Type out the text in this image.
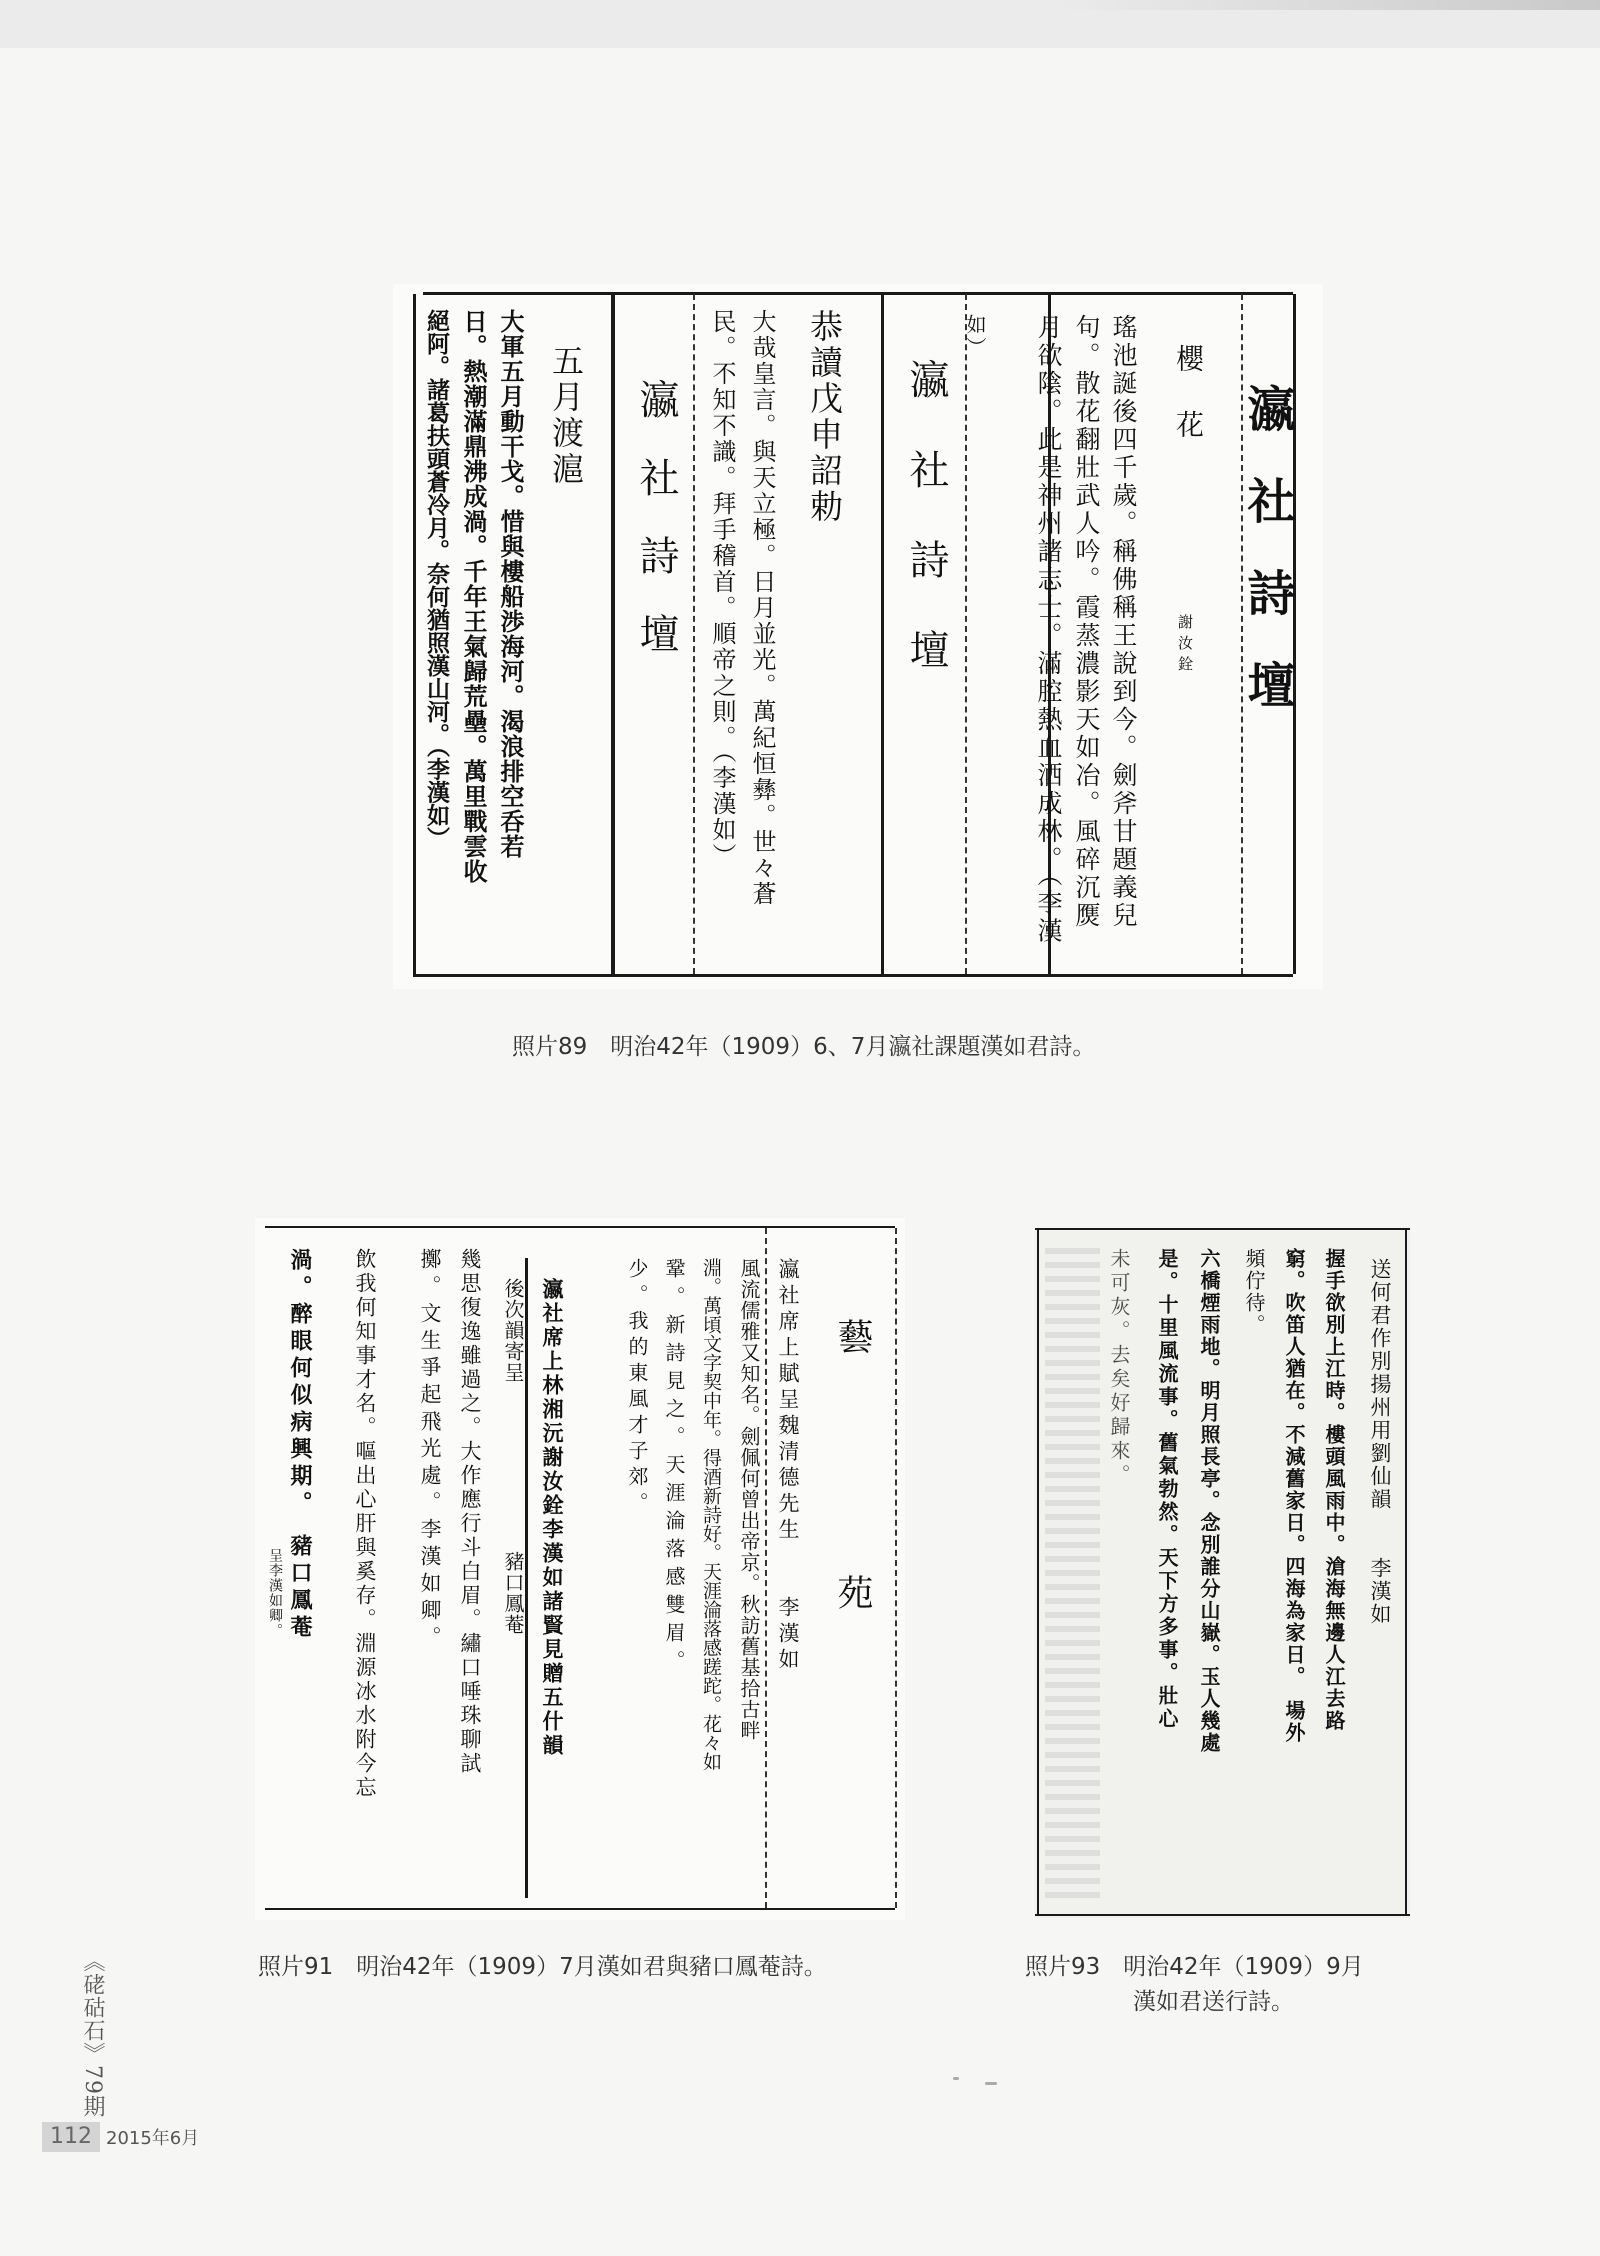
瀛社詩壇
櫻花
謝汝銓
瑤池誕後四千歲。稱佛稱王說到今。劍斧甘題義兒
句。散花翻壯武人吟。霞蒸濃影天如冶。風碎沉㷳
月欲陰。此是神州諸志士。滿腔熱血洒成林。（李漢
如）
瀛社詩壇
恭讀戊申詔勅
大哉皇言。與天立極。日月並光。萬紀恒彝。世々蒼
民。不知不識。拜手稽首。順帝之則。（李漢如）
瀛社詩壇
五月渡滬
大軍五月動干戈。惜與樓船渉海河。渴浪排空呑若
日。熱潮滿鼎沸成渦。千年王氣歸荒壘。萬里戰雲收
絕阿。諸葛扶頭蒼冷月。奈何猶照漢山河。（李漢如）
照片89　明治42年（1909）6、7月瀛社課題漢如君詩。
藝苑
瀛社席上賦呈魏清德先生　　李漢如
風流儒雅又知名。劍佩何曾出帝京。秋訪舊基拾古畔
淵。萬頃文字契中年。得酒新詩好。天涯淪落感蹉跎。花々如
鞏。新詩見之。天涯淪落感雙眉。
少。我的東風才子郊。
瀛社席上林湘沅謝汝銓李漢如諸賢見贈五什韻
後次韻寄呈　　　　　　　　豬口鳳菴
幾思復逸雖過之。大作應行斗白眉。繡口唾珠聊試
擲。文生爭起飛光處。李漢如卿。
飲我何知事才名。嘔出心肝與奚存。淵源冰水附今忘
渦。醉眼何似病興期。　豬口鳳菴
呈李漢如卿。
照片91　明治42年（1909）7月漢如君與豬口鳳菴詩。
送何君作別揚州用劉仙韻　　李漢如
握手欲別上江時。樓頭風雨中。滄海無邊人江去路
窮。吹笛人猶在。不減舊家日。四海為家日。　場外
頻佇待。
六橋煙雨地。明月照長亭。念別誰分山嶽。玉人幾處
是。十里風流事。舊氣勃然。天下方多事。壯心
未可灰。去矣好歸來。
照片93　明治42年（1909）9月
漢如君送行詩。
《硓𥑮石》79期
112 2015年6月
